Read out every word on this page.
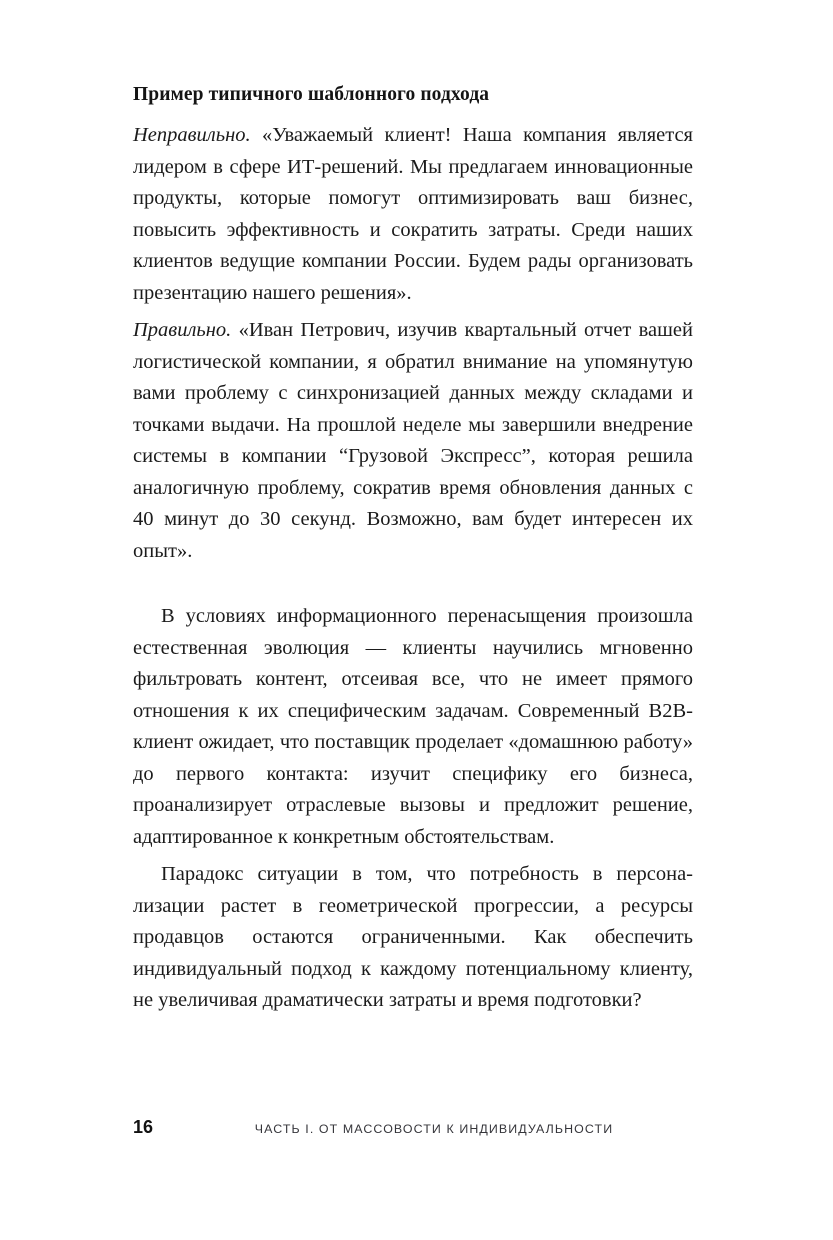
Пример типичного шаблонного подхода

Неправильно. «Уважаемый клиент! Наша компания является лидером в сфере ИТ-решений. Мы предлагаем инновационные продукты, которые помогут оптимизировать ваш бизнес, повысить эффективность и сократить затраты. Среди наших клиентов ведущие компании России. Будем рады организовать презентацию нашего решения».

Правильно. «Иван Петрович, изучив квартальный отчет вашей логистической компании, я обратил внимание на упомянутую вами проблему с синхронизацией данных между складами и точками выдачи. На прошлой неделе мы завершили внедрение системы в компании “Грузовой Экспресс”, которая решила аналогичную проблему, сократив время обновления данных с 40 минут до 30 секунд. Возможно, вам будет интересен их опыт».

В условиях информационного перенасыщения произошла естественная эволюция — клиенты научились мгновенно фильтровать контент, отсеивая все, что не имеет прямого отношения к их специфическим задачам. Современный B2B-клиент ожидает, что поставщик проделает «домашнюю работу» до первого контакта: изучит специфику его бизнеса, проанализирует отраслевые вызовы и предложит решение, адаптированное к конкретным обстоятельствам.

Парадокс ситуации в том, что потребность в персонализации растет в геометрической прогрессии, а ресурсы продавцов остаются ограниченными. Как обеспечить индивидуальный подход к каждому потенциальному клиенту, не увеличивая драматически затраты и время подготовки?

16	ЧАСТЬ I. ОТ МАССОВОСТИ К ИНДИВИДУАЛЬНОСТИ
